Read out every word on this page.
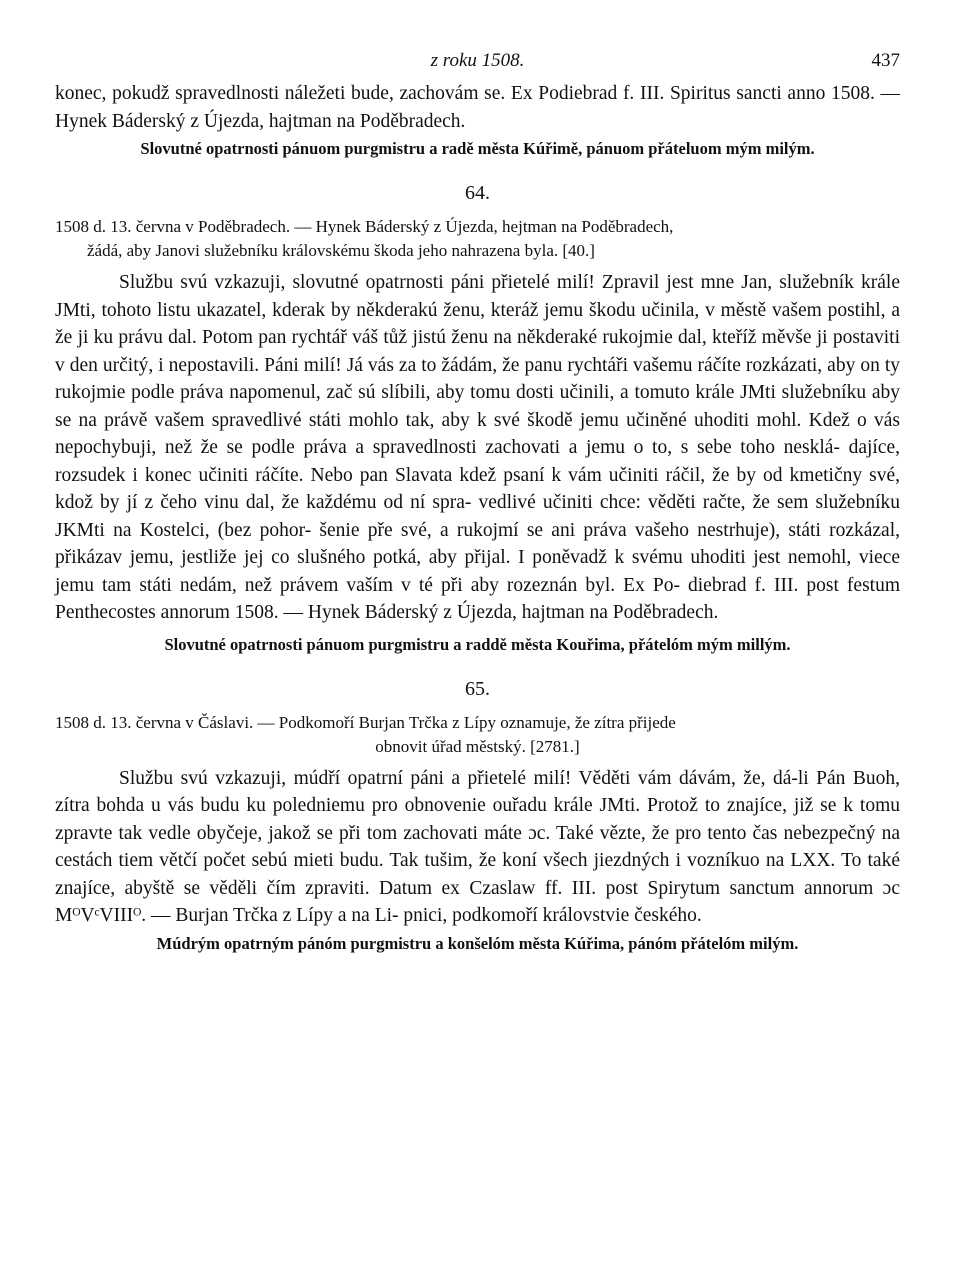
z roku 1508.	437

konec, pokudž spravedlnosti náležeti bude, zachovám se. Ex Podiebrad f. III. Spiritus sancti anno 1508. — Hynek Báderský z Újezda, hajtman na Poděbradech.

Slovutné opatrnosti pánuom purgmistru a radě města Kúřimě, pánuom přáteluom mým milým.

64.
1508 d. 13. června v Poděbradech. — Hynek Báderský z Újezda, hejtman na Poděbradech,
žádá, aby Janovi služebníku královskému škoda jeho nahrazena byla. [40.]

Službu svú vzkazuji, slovutné opatrnosti páni přietelé milí! Zpravil jest mne Jan, služebník krále JMti, tohoto listu ukazatel, kderak by někderakú ženu, kteráž jemu škodu učinila, v městě vašem postihl, a že ji ku právu dal. Potom pan rychtář váš tůž jistú ženu na někderaké rukojmie dal, kteříž měvše ji postaviti v den určitý, i nepostavili. Páni milí! Já vás za to žádám, že panu rychtáři vašemu ráčíte rozkázati, aby on ty rukojmie podle práva napomenul, zač sú slíbili, aby tomu dosti učinili, a tomuto krále JMti služebníku aby se na právě vašem spravedlivé státi mohlo tak, aby k své škodě jemu učiněné uhoditi mohl. Kdež o vás nepochybuji, než že se podle práva a spravedlnosti zachovati a jemu o to, s sebe toho nesklá- dajíce, rozsudek i konec učiniti ráčíte. Nebo pan Slavata kdež psaní k vám učiniti ráčil, že by od kmetičny své, kdož by jí z čeho vinu dal, že každému od ní spra- vedlivé učiniti chce: věděti račte, že sem služebníku JKMti na Kostelci, (bez pohor- šenie pře své, a rukojmí se ani práva vašeho nestrhuje), státi rozkázal, přikázav jemu, jestliže jej co slušného potká, aby přijal. I poněvadž k svému uhoditi jest nemohl, viece jemu tam státi nedám, než právem vaším v té při aby rozeznán byl. Ex Po- diebrad f. III. post festum Penthecostes annorum 1508. — Hynek Báderský z Újezda, hajtman na Poděbradech.

Slovutné opatrnosti pánuom purgmistru a raddě města Kouřima, přátelóm mým millým.

65.
1508 d. 13. června v Čáslavi. — Podkomoří Burjan Trčka z Lípy oznamuje, že zítra přijede
obnovit úřad městský. [2781.]

Službu svú vzkazuji, múdří opatrní páni a přietelé milí! Věděti vám dávám, že, dá-li Pán Buoh, zítra bohda u vás budu ku poledniemu pro obnovenie ouřadu krále JMti. Protož to znajíce, již se k tomu zpravte tak vedle obyčeje, jakož se při tom zachovati máte ɔc. Také vězte, že pro tento čas nebezpečný na cestách tiem větčí počet sebú mieti budu. Tak tušim, že koní všech jiezdných i vozníkuo na LXX. To také znajíce, abyště se věděli čím zpraviti. Datum ex Czaslaw ff. III. post Spirytum sanctum annorum ɔc MᴼVᶜVIIIᴼ. — Burjan Trčka z Lípy a na Li- pnici, podkomoří královstvie českého.

Múdrým opatrným pánóm purgmistru a konšelóm města Kúřima, pánóm přátelóm milým.
